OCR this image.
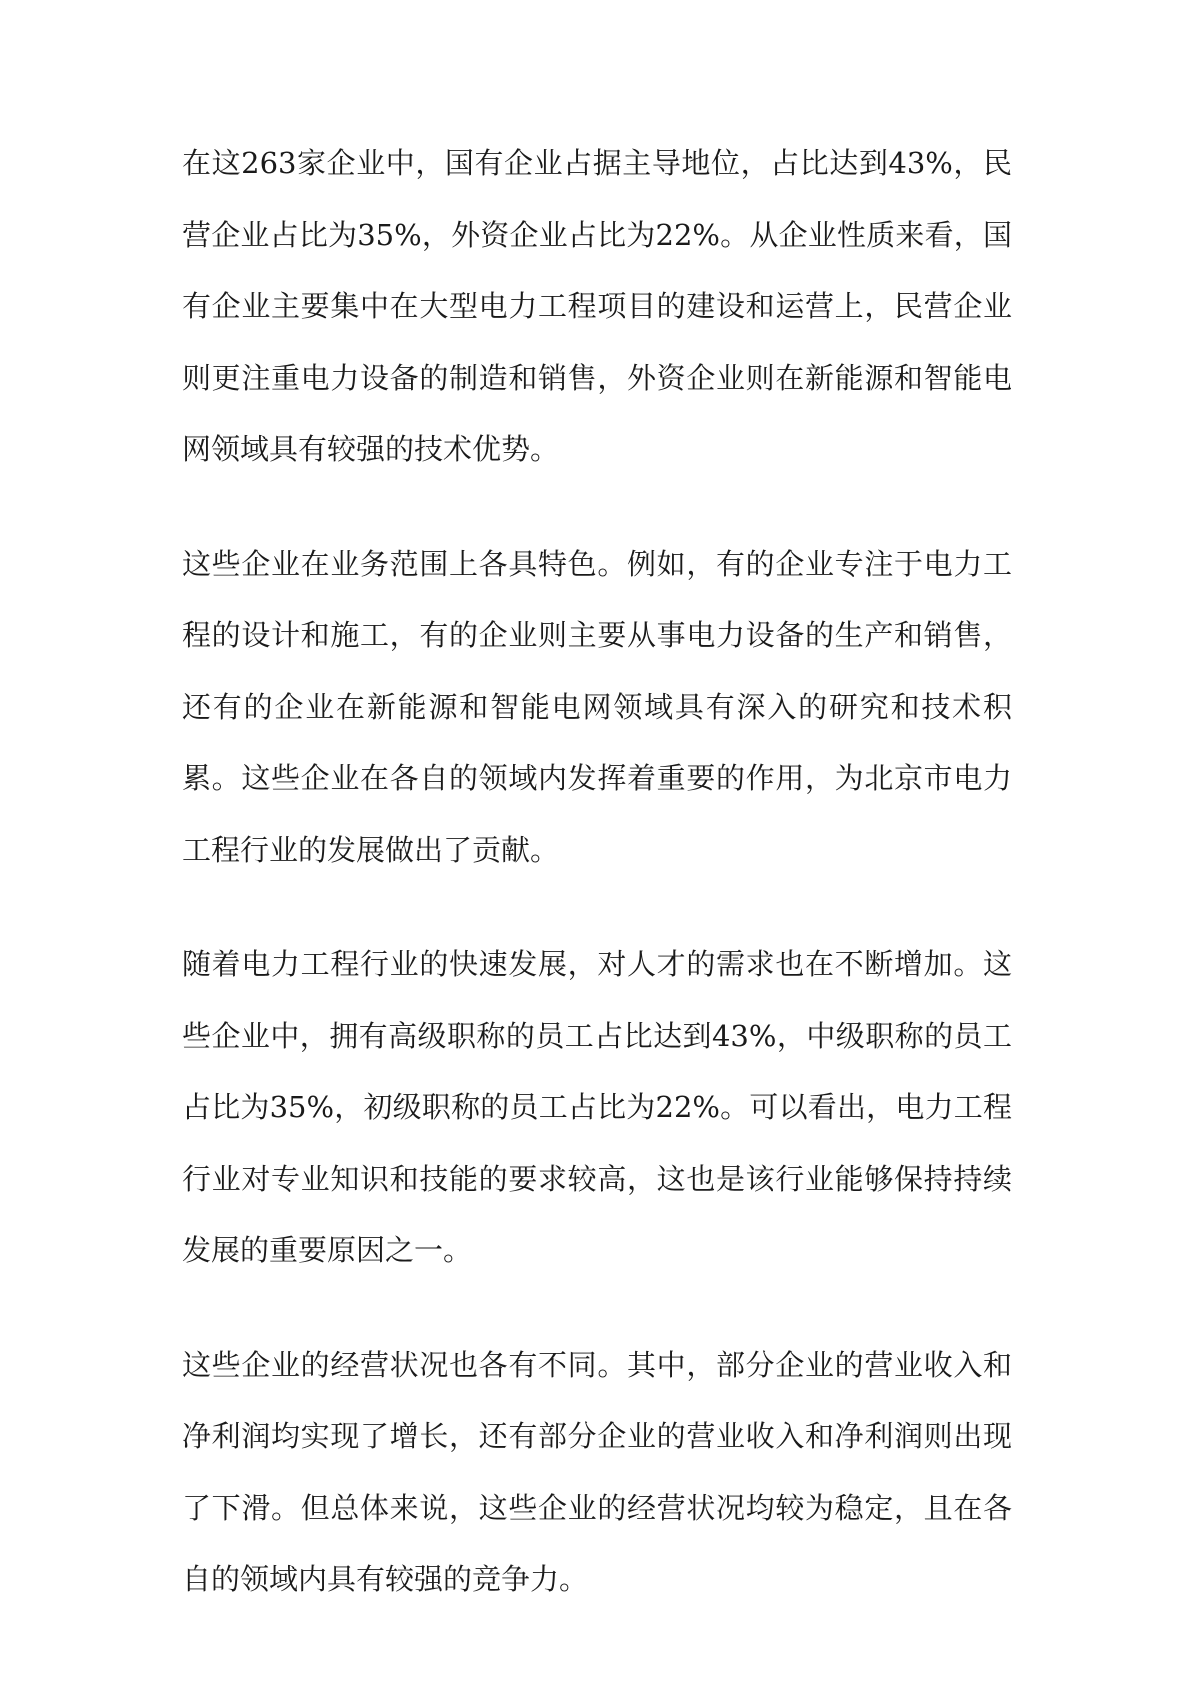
在这263家企业中，国有企业占据主导地位，占比达到43%，民营企业占比为35%，外资企业占比为22%。从企业性质来看，国有企业主要集中在大型电力工程项目的建设和运营上，民营企业则更注重电力设备的制造和销售，外资企业则在新能源和智能电网领域具有较强的技术优势。

这些企业在业务范围上各具特色。例如，有的企业专注于电力工程的设计和施工，有的企业则主要从事电力设备的生产和销售，还有的企业在新能源和智能电网领域具有深入的研究和技术积累。这些企业在各自的领域内发挥着重要的作用，为北京市电力工程行业的发展做出了贡献。

随着电力工程行业的快速发展，对人才的需求也在不断增加。这些企业中，拥有高级职称的员工占比达到43%，中级职称的员工占比为35%，初级职称的员工占比为22%。可以看出，电力工程行业对专业知识和技能的要求较高，这也是该行业能够保持持续发展的重要原因之一。

这些企业的经营状况也各有不同。其中，部分企业的营业收入和净利润均实现了增长，还有部分企业的营业收入和净利润则出现了下滑。但总体来说，这些企业的经营状况均较为稳定，且在各自的领域内具有较强的竞争力。
